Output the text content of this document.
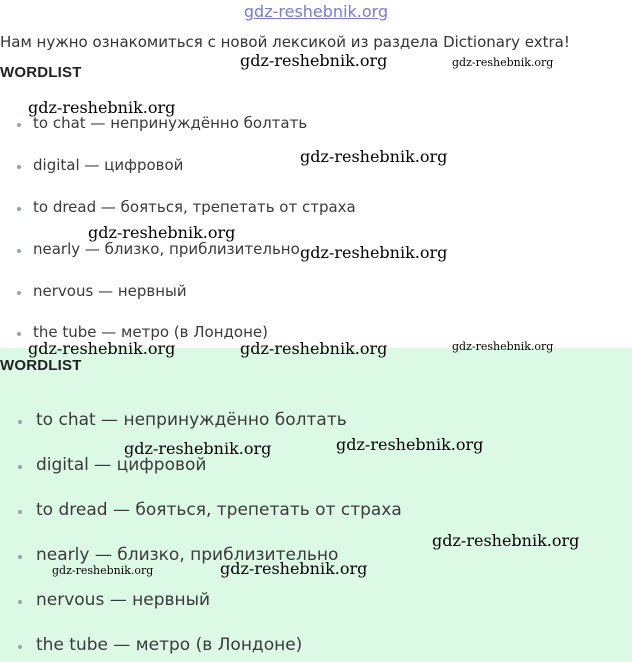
gdz-reshebnik.org
Нам нужно ознакомиться с новой лексикой из раздела Dictionary extra!
WORDLIST
to chat — непринуждённо болтать
digital — цифровой
to dread — бояться, трепетать от страха
nearly — близко, приблизительно
nervous — нервный
the tube — метро (в Лондоне)
WORDLIST
to chat — непринуждённо болтать
digital — цифровой
to dread — бояться, трепетать от страха
nearly — близко, приблизительно
nervous — нервный
the tube — метро (в Лондоне)
gdz-reshebnik.org	gdz-reshebnik.org
gdz-reshebnik.org
gdz-reshebnik.org
gdz-reshebnik.org
gdz-reshebnik.org
gdz-reshebnik.org	gdz-reshebnik.org	gdz-reshebnik.org
gdz-reshebnik.org	gdz-reshebnik.org
gdz-reshebnik.org
gdz-reshebnik.org	gdz-reshebnik.org
